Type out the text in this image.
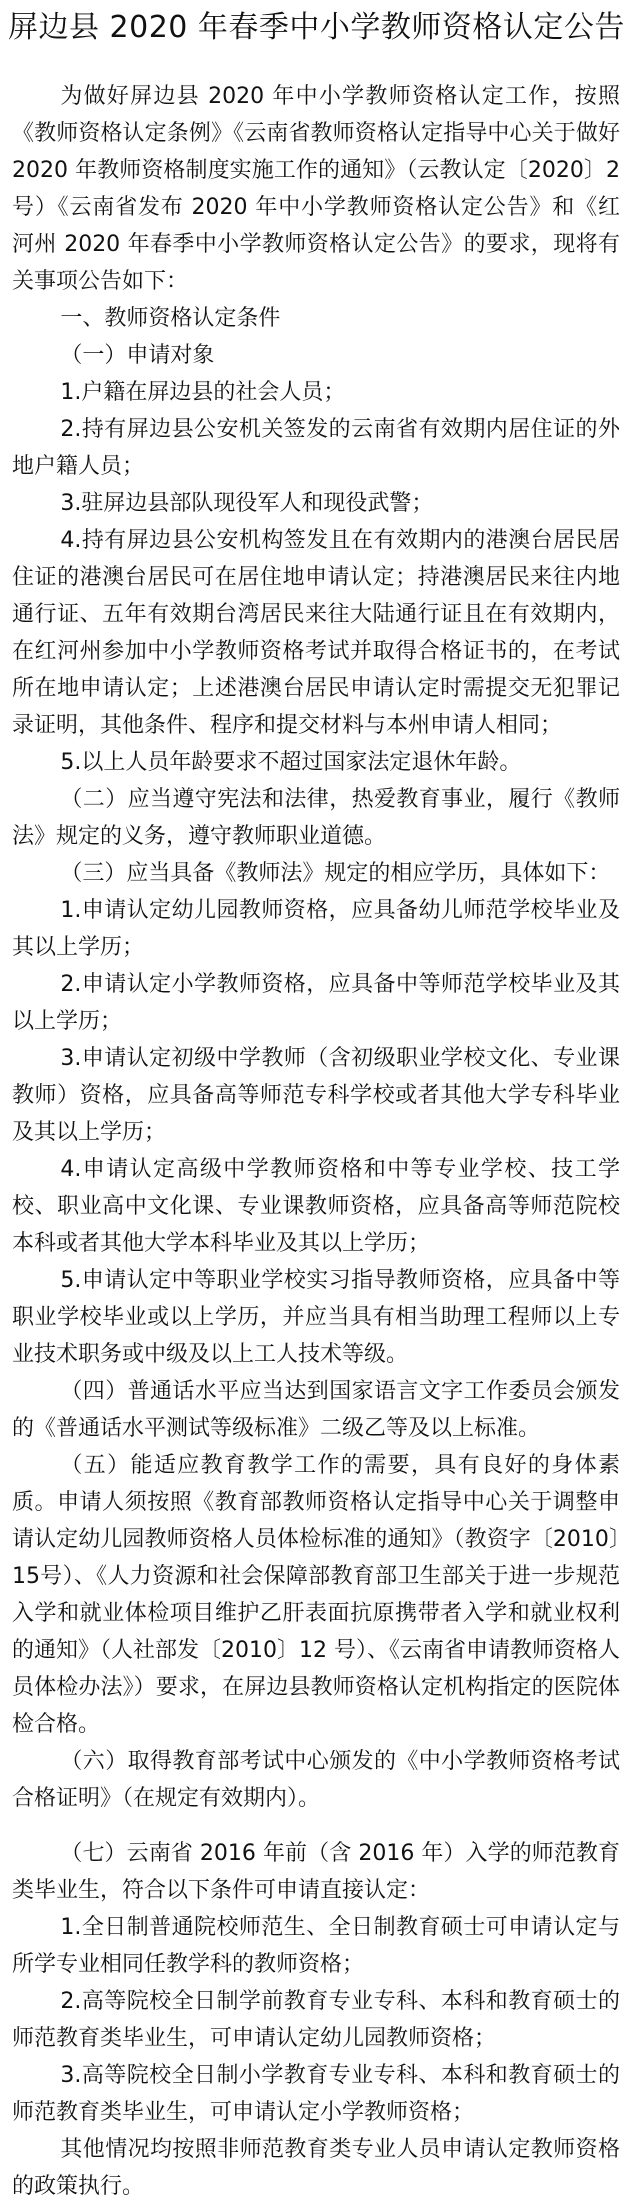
屏边县 2020 年春季中小学教师资格认定公告

为做好屏边县 2020 年中小学教师资格认定工作，按照《教师资格认定条例》《云南省教师资格认定指导中心关于做好 2020 年教师资格制度实施工作的通知》（云教认定〔2020〕2 号）《云南省发布 2020 年中小学教师资格认定公告》和《红河州 2020 年春季中小学教师资格认定公告》的要求，现将有关事项公告如下：

一、教师资格认定条件

（一）申请对象

1.户籍在屏边县的社会人员；

2.持有屏边县公安机关签发的云南省有效期内居住证的外地户籍人员；

3.驻屏边县部队现役军人和现役武警；

4.持有屏边县公安机构签发且在有效期内的港澳台居民居住证的港澳台居民可在居住地申请认定；持港澳居民来往内地通行证、五年有效期台湾居民来往大陆通行证且在有效期内，在红河州参加中小学教师资格考试并取得合格证书的，在考试所在地申请认定；上述港澳台居民申请认定时需提交无犯罪记录证明，其他条件、程序和提交材料与本州申请人相同；

5.以上人员年龄要求不超过国家法定退休年龄。

（二）应当遵守宪法和法律，热爱教育事业，履行《教师法》规定的义务，遵守教师职业道德。

（三）应当具备《教师法》规定的相应学历，具体如下：

1.申请认定幼儿园教师资格，应具备幼儿师范学校毕业及其以上学历；

2.申请认定小学教师资格，应具备中等师范学校毕业及其以上学历；

3.申请认定初级中学教师（含初级职业学校文化、专业课教师）资格，应具备高等师范专科学校或者其他大学专科毕业及其以上学历；

4.申请认定高级中学教师资格和中等专业学校、技工学校、职业高中文化课、专业课教师资格，应具备高等师范院校本科或者其他大学本科毕业及其以上学历；

5.申请认定中等职业学校实习指导教师资格，应具备中等职业学校毕业或以上学历，并应当具有相当助理工程师以上专业技术职务或中级及以上工人技术等级。

（四）普通话水平应当达到国家语言文字工作委员会颁发的《普通话水平测试等级标准》二级乙等及以上标准。

（五）能适应教育教学工作的需要，具有良好的身体素质。申请人须按照《教育部教师资格认定指导中心关于调整申请认定幼儿园教师资格人员体检标准的通知》（教资字〔2010〕15号）、《人力资源和社会保障部教育部卫生部关于进一步规范入学和就业体检项目维护乙肝表面抗原携带者入学和就业权利的通知》（人社部发〔2010〕12 号）、《云南省申请教师资格人员体检办法》）要求，在屏边县教师资格认定机构指定的医院体检合格。

（六）取得教育部考试中心颁发的《中小学教师资格考试合格证明》（在规定有效期内）。

（七）云南省 2016 年前（含 2016 年）入学的师范教育类毕业生，符合以下条件可申请直接认定：

1.全日制普通院校师范生、全日制教育硕士可申请认定与所学专业相同任教学科的教师资格；

2.高等院校全日制学前教育专业专科、本科和教育硕士的师范教育类毕业生，可申请认定幼儿园教师资格；

3.高等院校全日制小学教育专业专科、本科和教育硕士的师范教育类毕业生，可申请认定小学教师资格；

其他情况均按照非师范教育类专业人员申请认定教师资格的政策执行。
